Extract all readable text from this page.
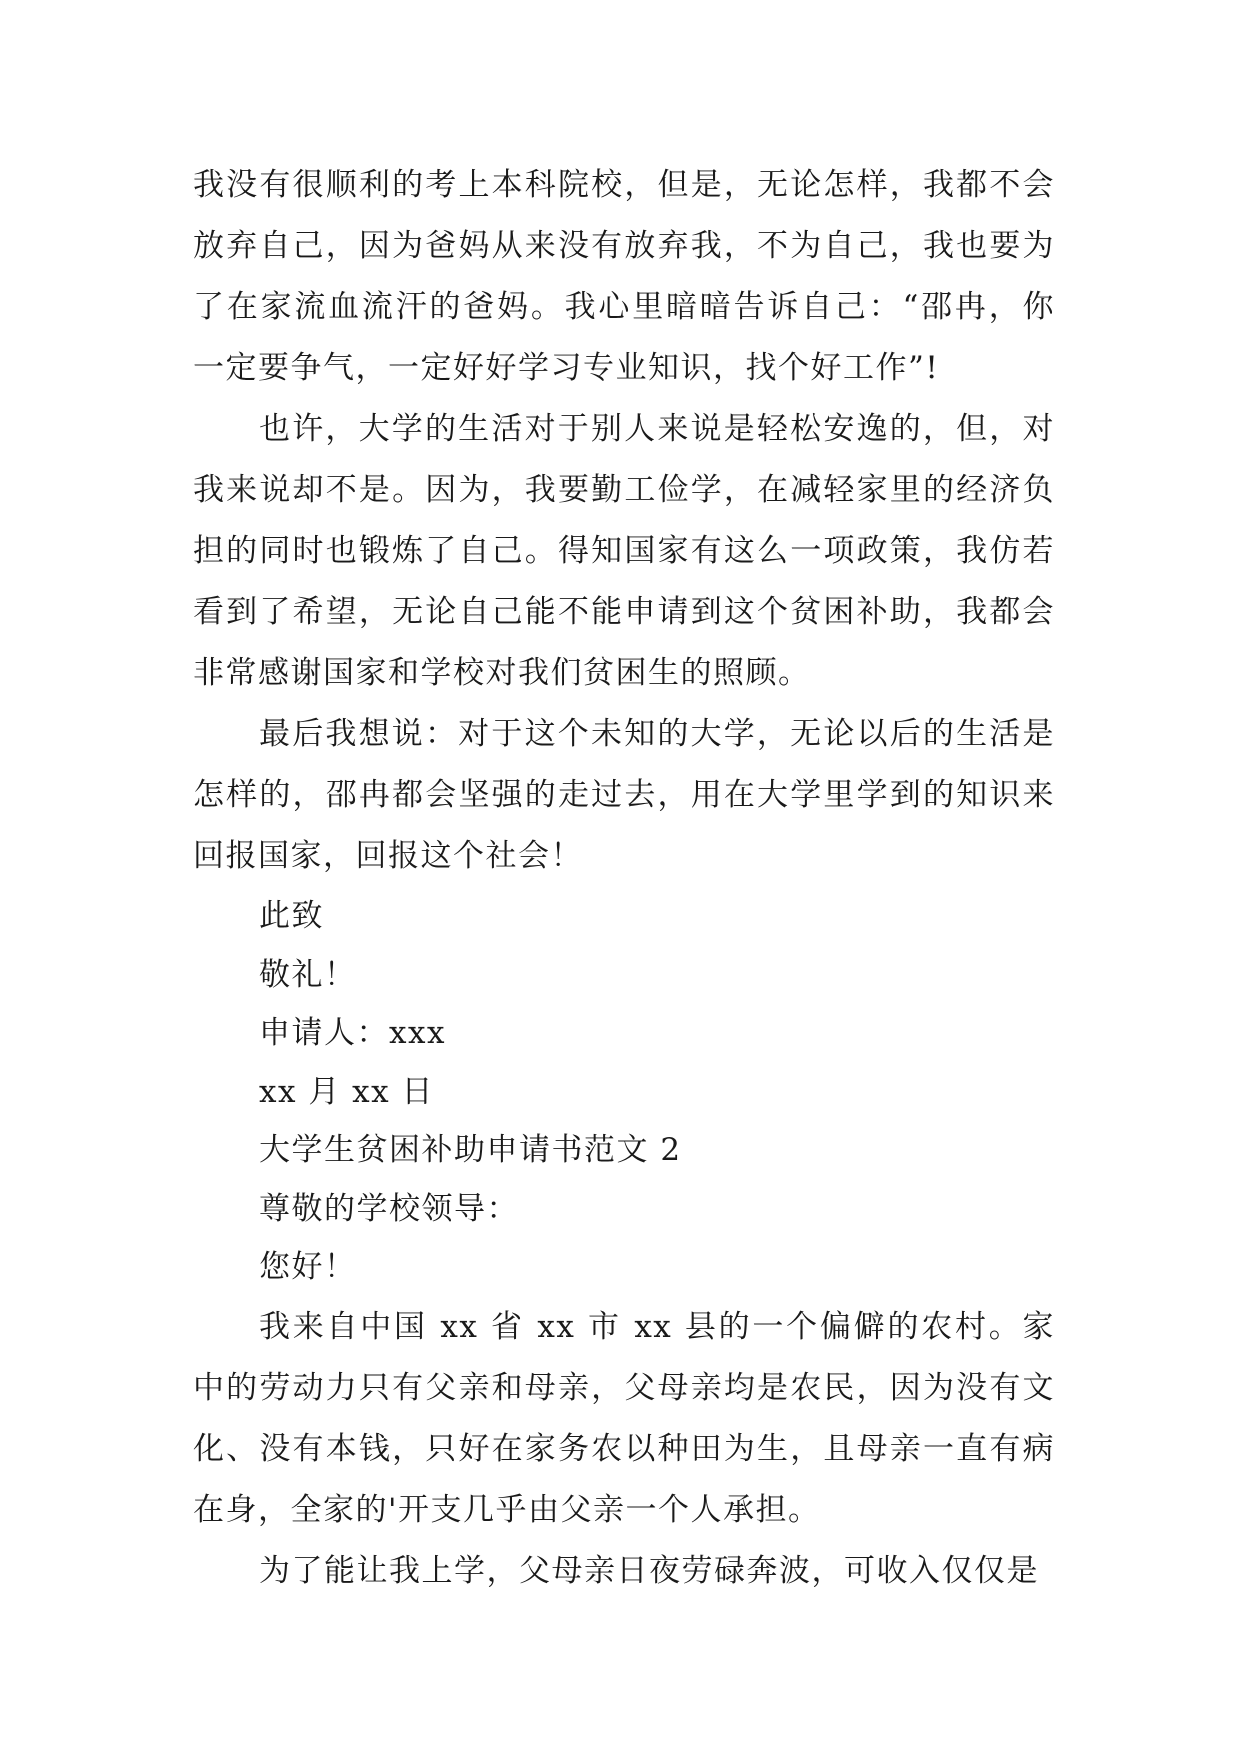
我没有很顺利的考上本科院校，但是，无论怎样，我都不会放弃自己，因为爸妈从来没有放弃我，不为自己，我也要为了在家流血流汗的爸妈。我心里暗暗告诉自己：“邵冉，你一定要争气，一定好好学习专业知识，找个好工作”!

也许，大学的生活对于别人来说是轻松安逸的，但，对我来说却不是。因为，我要勤工俭学，在减轻家里的经济负担的同时也锻炼了自己。得知国家有这么一项政策，我仿若看到了希望，无论自己能不能申请到这个贫困补助，我都会非常感谢国家和学校对我们贫困生的照顾。

最后我想说：对于这个未知的大学，无论以后的生活是怎样的，邵冉都会坚强的走过去，用在大学里学到的知识来回报国家，回报这个社会！

此致

敬礼！

申请人：xxx

xx 月 xx 日

大学生贫困补助申请书范文 2

尊敬的学校领导：

您好！

我来自中国 xx 省 xx 市 xx 县的一个偏僻的农村。家中的劳动力只有父亲和母亲，父母亲均是农民，因为没有文化、没有本钱，只好在家务农以种田为生，且母亲一直有病在身，全家的'开支几乎由父亲一个人承担。

为了能让我上学，父母亲日夜劳碌奔波，可收入仅仅是
